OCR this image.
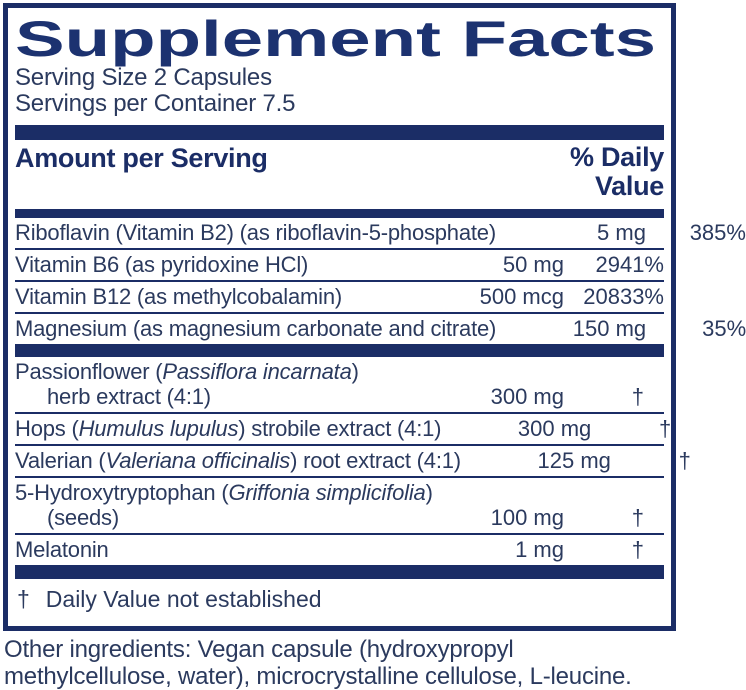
Supplement Facts
Serving Size 2 Capsules
Servings per Container 7.5
Amount per Serving	% Daily
Value
Riboflavin (Vitamin B2) (as riboflavin-5-phosphate)	5 mg	385%
Vitamin B6 (as pyridoxine HCl)	50 mg	2941%
Vitamin B12 (as methylcobalamin)	500 mcg 20833%
Magnesium (as magnesium carbonate and citrate)	150 mg	35%
Passionflower (Passiflora incarnata)
herb extract (4:1)	300 mg	†
Hops (Humulus lupulus) strobile extract (4:1)	300 mg	†
Valerian (Valeriana officinalis) root extract (4:1)	125 mg	†
5-Hydroxytryptophan (Griffonia simplicifolia)
(seeds)	100 mg	†
Melatonin	1 mg	†
† Daily Value not established
Other ingredients: Vegan capsule (hydroxypropyl methylcellulose, water), microcrystalline cellulose, L-leucine.
